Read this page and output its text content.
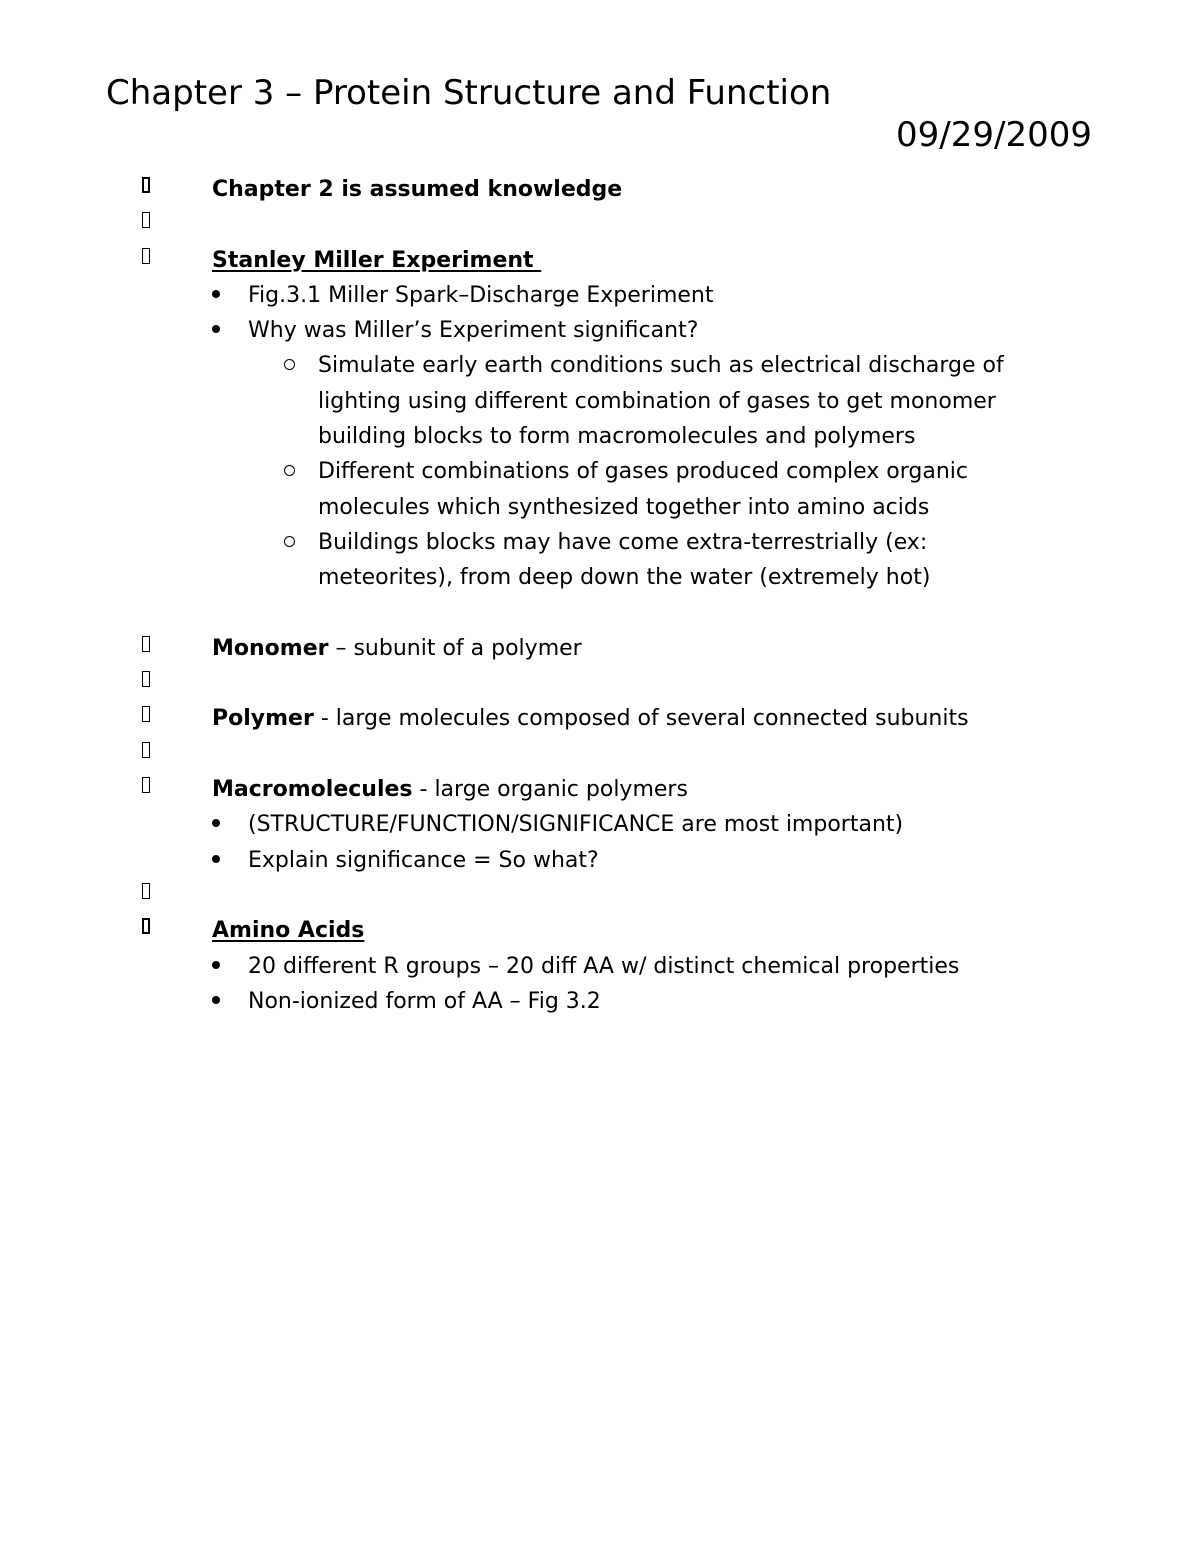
Chapter 3 – Protein Structure and Function
09/29/2009
Chapter 2 is assumed knowledge
Stanley Miller Experiment
Fig.3.1 Miller Spark–Discharge Experiment
Why was Miller’s Experiment significant?
Simulate early earth conditions such as electrical discharge of
lighting using different combination of gases to get monomer
building blocks to form macromolecules and polymers
Different combinations of gases produced complex organic
molecules which synthesized together into amino acids
Buildings blocks may have come extra-terrestrially (ex:
meteorites), from deep down the water (extremely hot)
Monomer – subunit of a polymer
Polymer - large molecules composed of several connected subunits
Macromolecules - large organic polymers
(STRUCTURE/FUNCTION/SIGNIFICANCE are most important)
Explain significance = So what?
Amino Acids
20 different R groups – 20 diff AA w/ distinct chemical properties
Non-ionized form of AA – Fig 3.2
